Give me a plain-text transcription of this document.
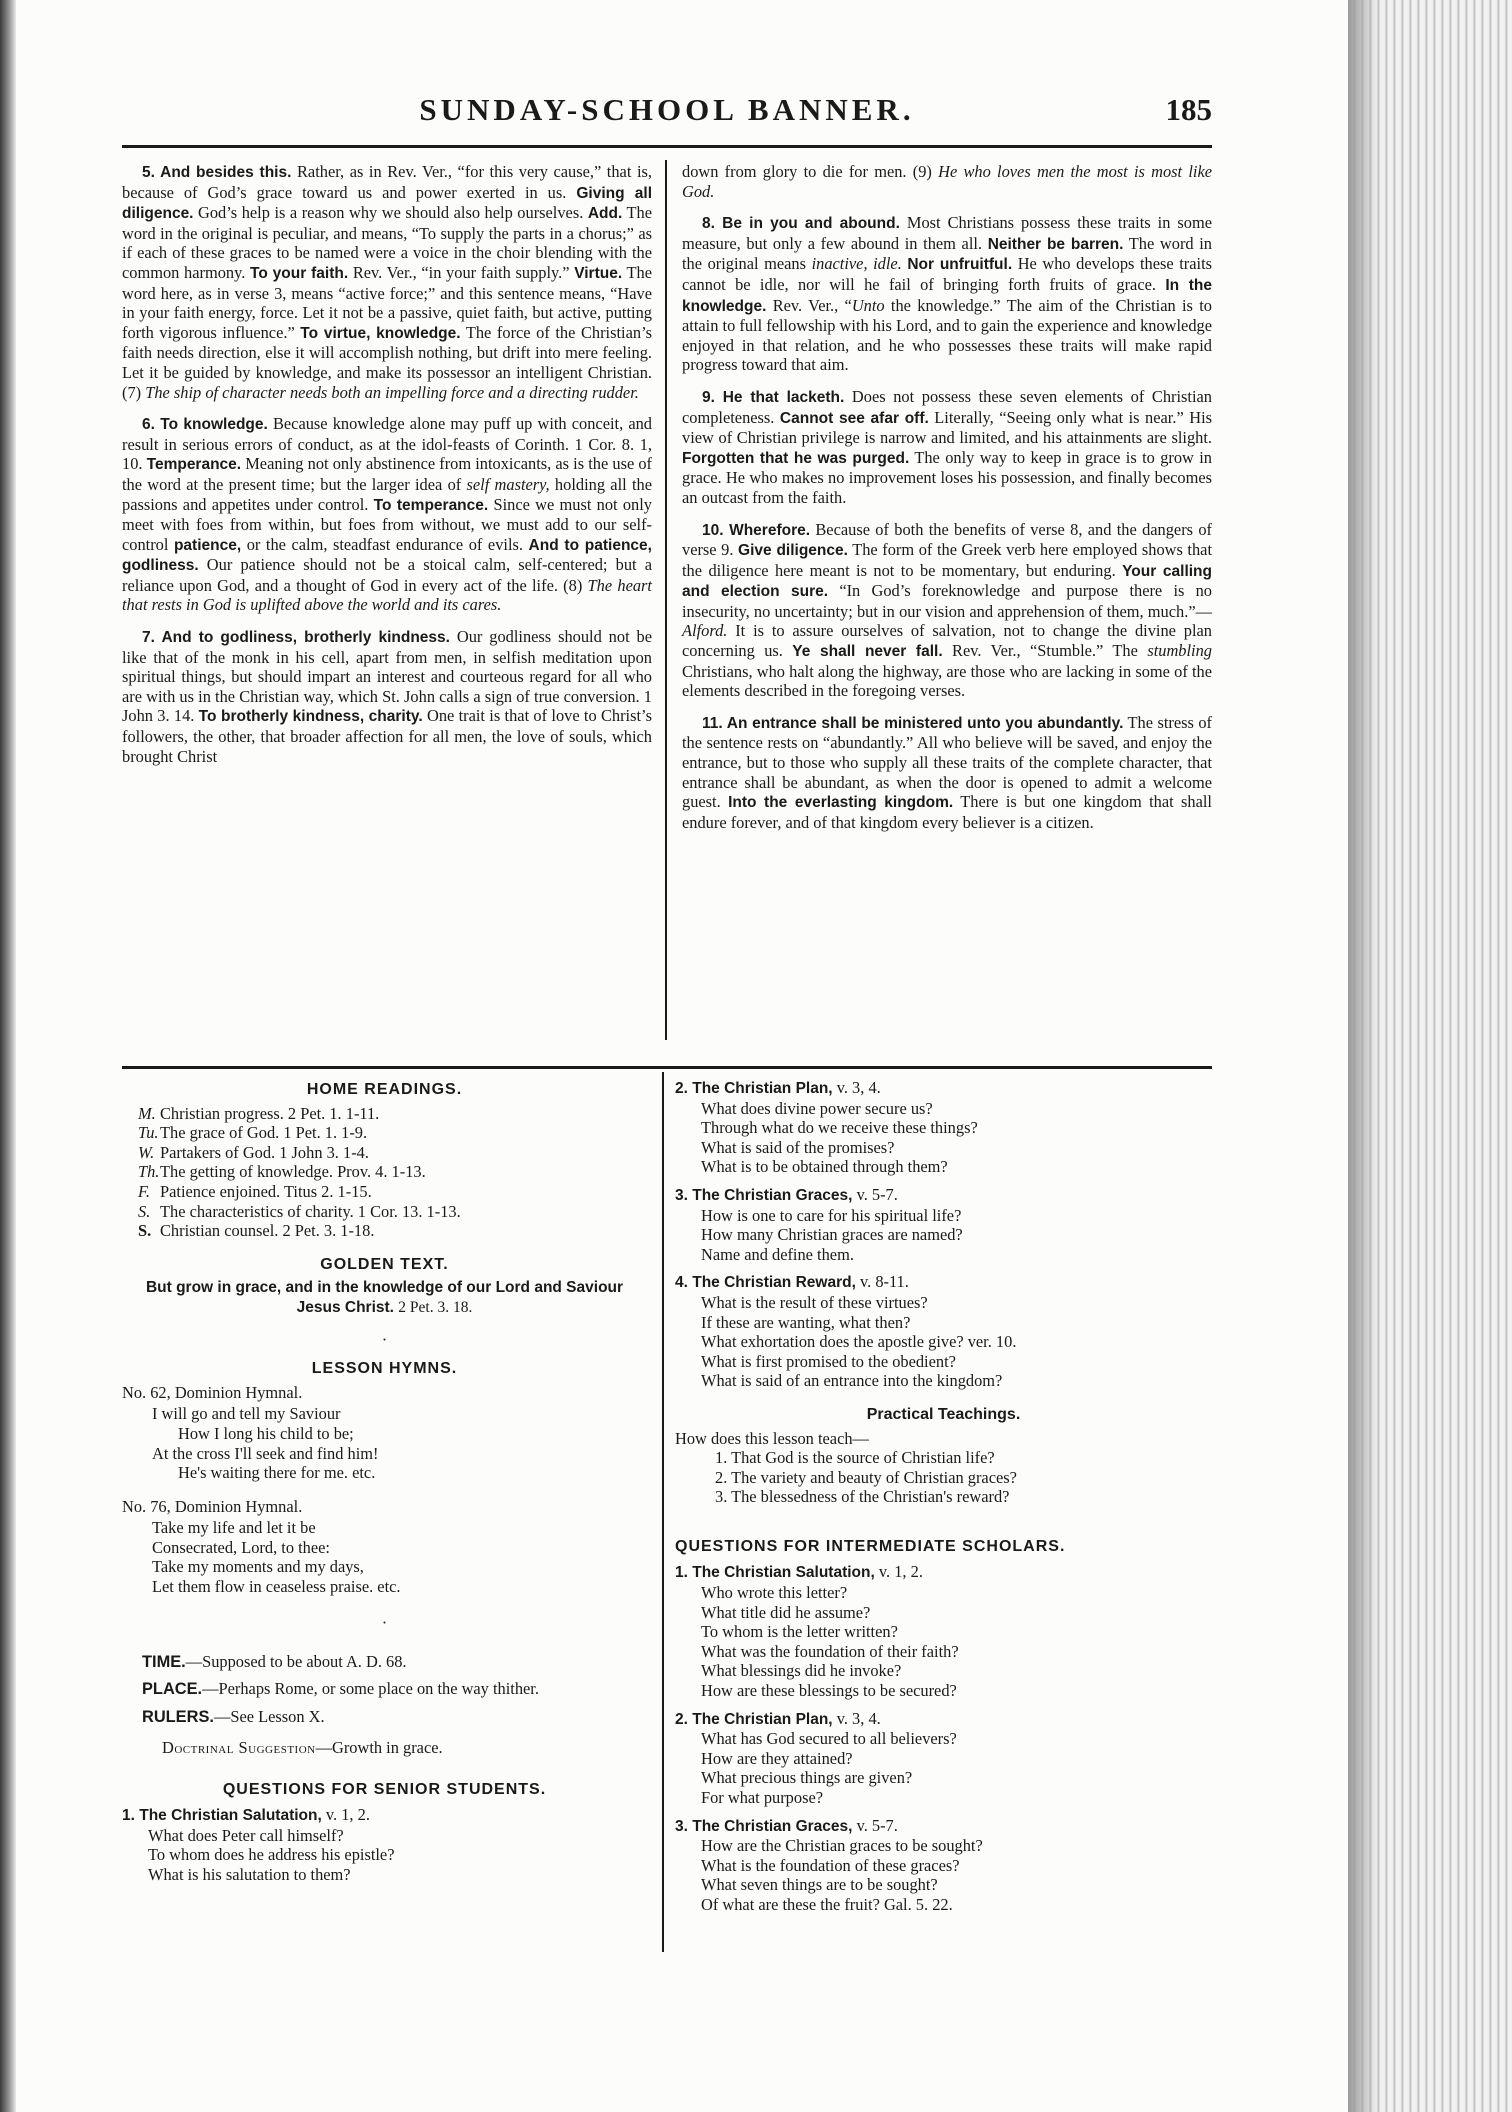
SUNDAY-SCHOOL BANNER.	185

5. And besides this. Rather, as in Rev. Ver., “for this very cause,” that is, because of God’s grace toward us and power exerted in us. Giving all diligence. God’s help is a reason why we should also help ourselves. Add. The word in the original is peculiar, and means, “To supply the parts in a chorus;” as if each of these graces to be named were a voice in the choir blending with the common harmony. To your faith. Rev. Ver., “in your faith supply.” Virtue. The word here, as in verse 3, means “active force;” and this sentence means, “Have in your faith energy, force. Let it not be a passive, quiet faith, but active, putting forth vigorous influence.” To virtue, knowledge. The force of the Christian’s faith needs direction, else it will accomplish nothing, but drift into mere feeling. Let it be guided by knowledge, and make its possessor an intelligent Christian. (7) The ship of character needs both an impelling force and a directing rudder.

6. To knowledge. Because knowledge alone may puff up with conceit, and result in serious errors of conduct, as at the idol-feasts of Corinth. 1 Cor. 8. 1, 10. Temperance. Meaning not only abstinence from intoxicants, as is the use of the word at the present time; but the larger idea of self mastery, holding all the passions and appetites under control. To temperance. Since we must not only meet with foes from within, but foes from without, we must add to our self-control patience, or the calm, steadfast endurance of evils. And to patience, godliness. Our patience should not be a stoical calm, self-centered; but a reliance upon God, and a thought of God in every act of the life. (8) The heart that rests in God is uplifted above the world and its cares.

7. And to godliness, brotherly kindness. Our godliness should not be like that of the monk in his cell, apart from men, in selfish meditation upon spiritual things, but should impart an interest and courteous regard for all who are with us in the Christian way, which St. John calls a sign of true conversion. 1 John 3. 14. To brotherly kindness, charity. One trait is that of love to Christ’s followers, the other, that broader affection for all men, the love of souls, which brought Christ

down from glory to die for men. (9) He who loves men the most is most like God.

8. Be in you and abound. Most Christians possess these traits in some measure, but only a few abound in them all. Neither be barren. The word in the original means inactive, idle. Nor unfruitful. He who develops these traits cannot be idle, nor will he fail of bringing forth fruits of grace. In the knowledge. Rev. Ver., “Unto the knowledge.” The aim of the Christian is to attain to full fellowship with his Lord, and to gain the experience and knowledge enjoyed in that relation, and he who possesses these traits will make rapid progress toward that aim.

9. He that lacketh. Does not possess these seven elements of Christian completeness. Cannot see afar off. Literally, “Seeing only what is near.” His view of Christian privilege is narrow and limited, and his attainments are slight. Forgotten that he was purged. The only way to keep in grace is to grow in grace. He who makes no improvement loses his possession, and finally becomes an outcast from the faith.

10. Wherefore. Because of both the benefits of verse 8, and the dangers of verse 9. Give diligence. The form of the Greek verb here employed shows that the diligence here meant is not to be momentary, but enduring. Your calling and election sure. “In God’s foreknowledge and purpose there is no insecurity, no uncertainty; but in our vision and apprehension of them, much.”—Alford. It is to assure ourselves of salvation, not to change the divine plan concerning us. Ye shall never fall. Rev. Ver., “Stumble.” The stumbling Christians, who halt along the highway, are those who are lacking in some of the elements described in the foregoing verses.

11. An entrance shall be ministered unto you abundantly. The stress of the sentence rests on “abundantly.” All who believe will be saved, and enjoy the entrance, but to those who supply all these traits of the complete character, that entrance shall be abundant, as when the door is opened to admit a welcome guest. Into the everlasting kingdom. There is but one kingdom that shall endure forever, and of that kingdom every believer is a citizen.

HOME READINGS.
M. Christian progress. 2 Pet. 1. 1-11.
Tu.The grace of God. 1 Pet. 1. 1-9.
W. Partakers of God. 1 John 3. 1-4.
Th.The getting of knowledge. Prov. 4. 1-13.
F. Patience enjoined. Titus 2. 1-15.
S. The characteristics of charity. 1 Cor. 13. 1-13.
S. Christian counsel. 2 Pet. 3. 1-18.
GOLDEN TEXT.
But grow in grace, and in the knowledge of our Lord and Saviour Jesus Christ. 2 Pet. 3. 18.
·
LESSON HYMNS.
No. 62, Dominion Hymnal.
I will go and tell my Saviour
How I long his child to be;
At the cross I'll seek and find him!
He's waiting there for me. etc.
No. 76, Dominion Hymnal.
Take my life and let it be
Consecrated, Lord, to thee:
Take my moments and my days,
Let them flow in ceaseless praise. etc.
·
TIME.—Supposed to be about A. D. 68.
PLACE.—Perhaps Rome, or some place on the way thither.
RULERS.—See Lesson X.
Doctrinal Suggestion—Growth in grace.
QUESTIONS FOR SENIOR STUDENTS.
1. The Christian Salutation, v. 1, 2.
What does Peter call himself?
To whom does he address his epistle?
What is his salutation to them?
2. The Christian Plan, v. 3, 4.
What does divine power secure us?
Through what do we receive these things?
What is said of the promises?
What is to be obtained through them?
3. The Christian Graces, v. 5-7.
How is one to care for his spiritual life?
How many Christian graces are named?
Name and define them.
4. The Christian Reward, v. 8-11.
What is the result of these virtues?
If these are wanting, what then?
What exhortation does the apostle give? ver. 10.
What is first promised to the obedient?
What is said of an entrance into the kingdom?
Practical Teachings.
How does this lesson teach—
1. That God is the source of Christian life?
2. The variety and beauty of Christian graces?
3. The blessedness of the Christian's reward?
QUESTIONS FOR INTERMEDIATE SCHOLARS.
1. The Christian Salutation, v. 1, 2.
Who wrote this letter?
What title did he assume?
To whom is the letter written?
What was the foundation of their faith?
What blessings did he invoke?
How are these blessings to be secured?
2. The Christian Plan, v. 3, 4.
What has God secured to all believers?
How are they attained?
What precious things are given?
For what purpose?
3. The Christian Graces, v. 5-7.
How are the Christian graces to be sought?
What is the foundation of these graces?
What seven things are to be sought?
Of what are these the fruit? Gal. 5. 22.
